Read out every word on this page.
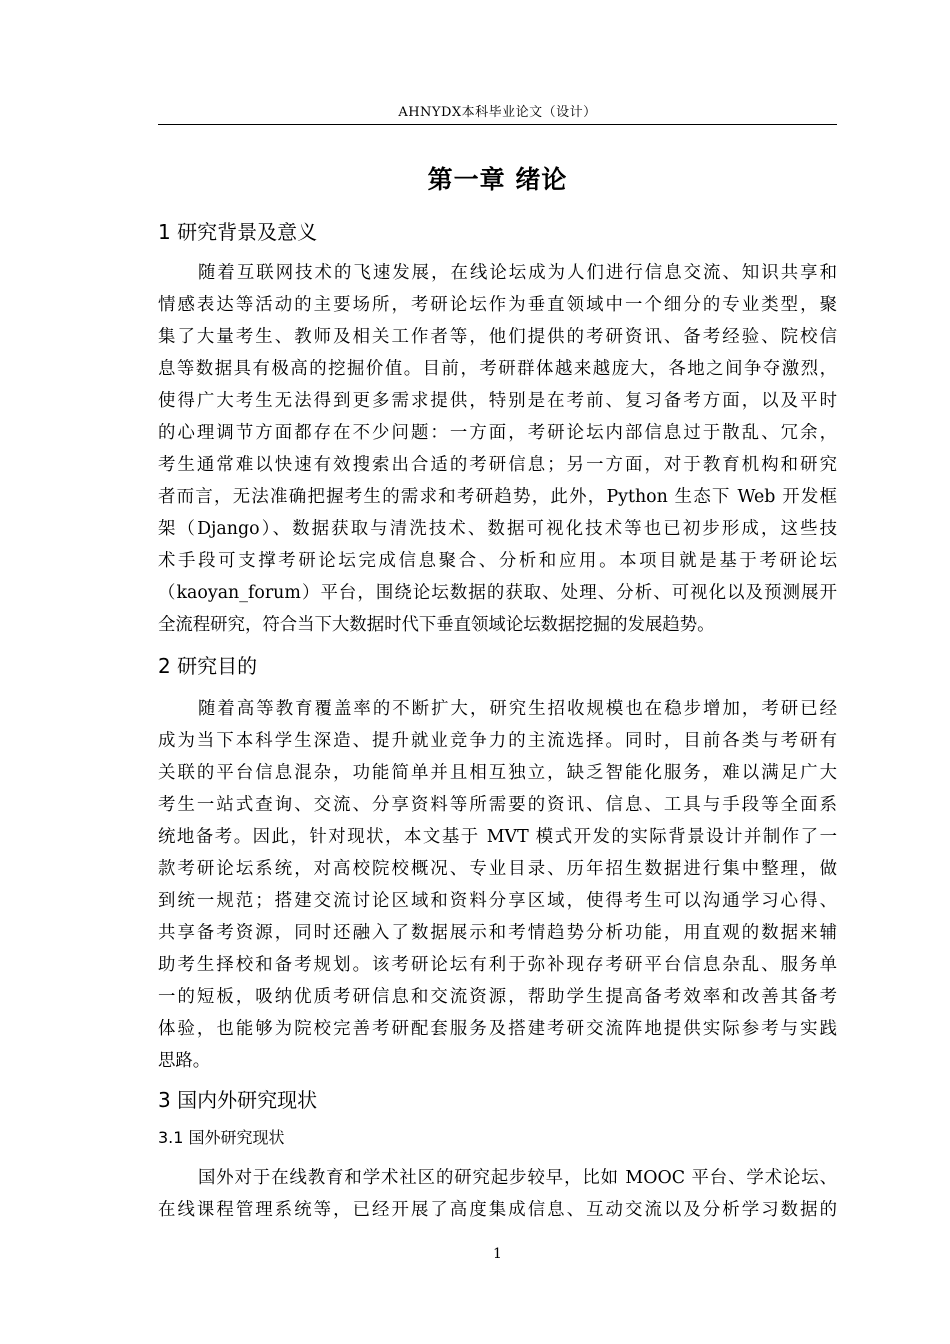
AHNYDX本科毕业论文（设计）
第一章 绪论
1 研究背景及意义
随着互联网技术的飞速发展，在线论坛成为人们进行信息交流、知识共享和
情感表达等活动的主要场所，考研论坛作为垂直领域中一个细分的专业类型，聚
集了大量考生、教师及相关工作者等，他们提供的考研资讯、备考经验、院校信
息等数据具有极高的挖掘价值。目前，考研群体越来越庞大，各地之间争夺激烈，
使得广大考生无法得到更多需求提供，特别是在考前、复习备考方面，以及平时
的心理调节方面都存在不少问题：一方面，考研论坛内部信息过于散乱、冗余，
考生通常难以快速有效搜索出合适的考研信息；另一方面，对于教育机构和研究
者而言，无法准确把握考生的需求和考研趋势，此外，Python 生态下 Web 开发框
架（Django）、数据获取与清洗技术、数据可视化技术等也已初步形成，这些技
术手段可支撑考研论坛完成信息聚合、分析和应用。本项目就是基于考研论坛
（kaoyan_forum）平台，围绕论坛数据的获取、处理、分析、可视化以及预测展开
全流程研究，符合当下大数据时代下垂直领域论坛数据挖掘的发展趋势。
2 研究目的
随着高等教育覆盖率的不断扩大，研究生招收规模也在稳步增加，考研已经
成为当下本科学生深造、提升就业竞争力的主流选择。同时，目前各类与考研有
关联的平台信息混杂，功能简单并且相互独立，缺乏智能化服务，难以满足广大
考生一站式查询、交流、分享资料等所需要的资讯、信息、工具与手段等全面系
统地备考。因此，针对现状，本文基于 MVT 模式开发的实际背景设计并制作了一
款考研论坛系统，对高校院校概况、专业目录、历年招生数据进行集中整理，做
到统一规范；搭建交流讨论区域和资料分享区域，使得考生可以沟通学习心得、
共享备考资源，同时还融入了数据展示和考情趋势分析功能，用直观的数据来辅
助考生择校和备考规划。该考研论坛有利于弥补现存考研平台信息杂乱、服务单
一的短板，吸纳优质考研信息和交流资源，帮助学生提高备考效率和改善其备考
体验，也能够为院校完善考研配套服务及搭建考研交流阵地提供实际参考与实践
思路。
3 国内外研究现状
3.1 国外研究现状
国外对于在线教育和学术社区的研究起步较早，比如 MOOC 平台、学术论坛、
在线课程管理系统等，已经开展了高度集成信息、互动交流以及分析学习数据的
1
